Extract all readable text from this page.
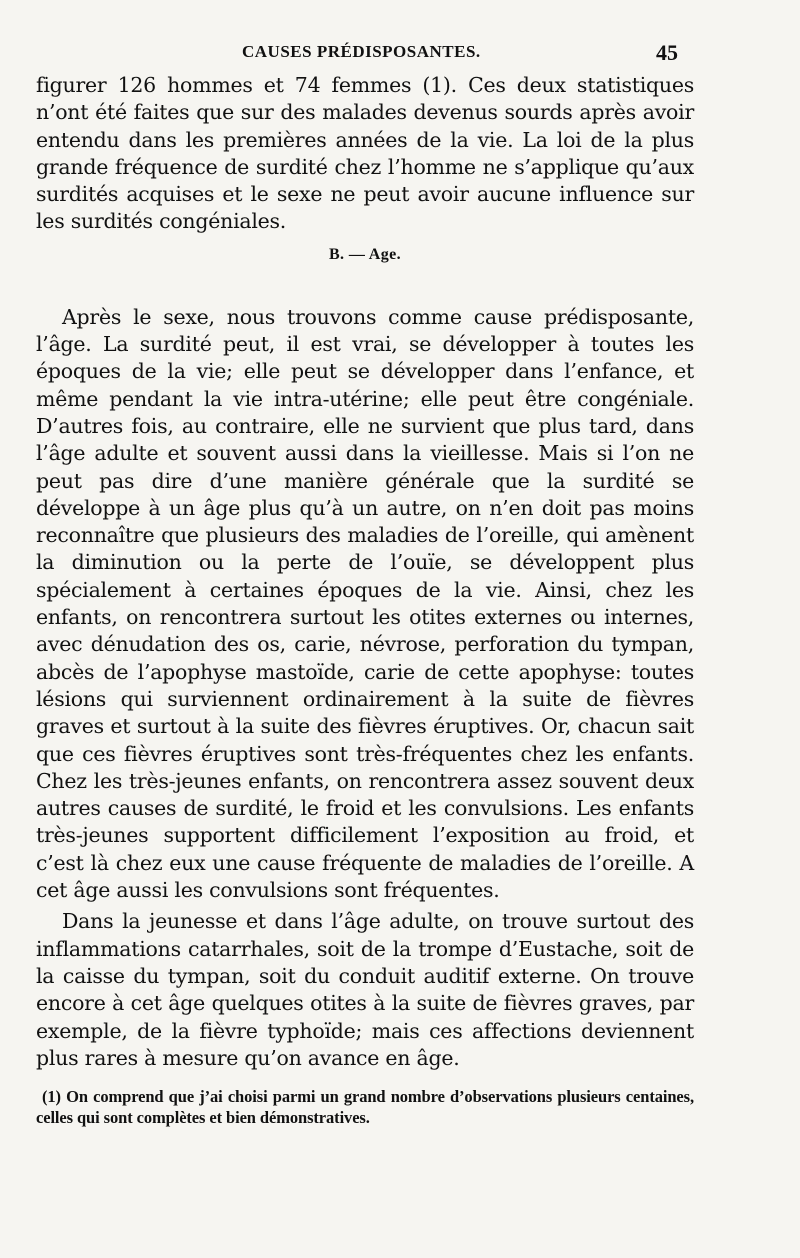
CAUSES PRÉDISPOSANTES.	45

figurer 126 hommes et 74 femmes (1). Ces deux statistiques n’ont été faites que sur des malades devenus sourds après avoir entendu dans les premières années de la vie. La loi de la plus grande fréquence de surdité chez l’homme ne s’applique qu’aux surdités acquises et le sexe ne peut avoir aucune influence sur les surdités congéniales.

B. — Age.

Après le sexe, nous trouvons comme cause prédisposante, l’âge. La surdité peut, il est vrai, se développer à toutes les époques de la vie; elle peut se développer dans l’enfance, et même pendant la vie intra-utérine; elle peut être congéniale. D’autres fois, au contraire, elle ne survient que plus tard, dans l’âge adulte et souvent aussi dans la vieillesse. Mais si l’on ne peut pas dire d’une manière générale que la surdité se développe à un âge plus qu’à un autre, on n’en doit pas moins reconnaître que plusieurs des maladies de l’oreille, qui amènent la diminution ou la perte de l’ouïe, se développent plus spécialement à certaines époques de la vie. Ainsi, chez les enfants, on rencontrera surtout les otites externes ou internes, avec dénudation des os, carie, névrose, perforation du tympan, abcès de l’apophyse mastoïde, carie de cette apophyse: toutes lésions qui surviennent ordinairement à la suite de fièvres graves et surtout à la suite des fièvres éruptives. Or, chacun sait que ces fièvres éruptives sont très-fréquentes chez les enfants. Chez les très-jeunes enfants, on rencontrera assez souvent deux autres causes de surdité, le froid et les convulsions. Les enfants très-jeunes supportent difficilement l’exposition au froid, et c’est là chez eux une cause fréquente de maladies de l’oreille. A cet âge aussi les convulsions sont fréquentes.

Dans la jeunesse et dans l’âge adulte, on trouve surtout des inflammations catarrhales, soit de la trompe d’Eustache, soit de la caisse du tympan, soit du conduit auditif externe. On trouve encore à cet âge quelques otites à la suite de fièvres graves, par exemple, de la fièvre typhoïde; mais ces affections deviennent plus rares à mesure qu’on avance en âge.

(1) On comprend que j’ai choisi parmi un grand nombre d’observations plusieurs centaines, celles qui sont complètes et bien démonstratives.
